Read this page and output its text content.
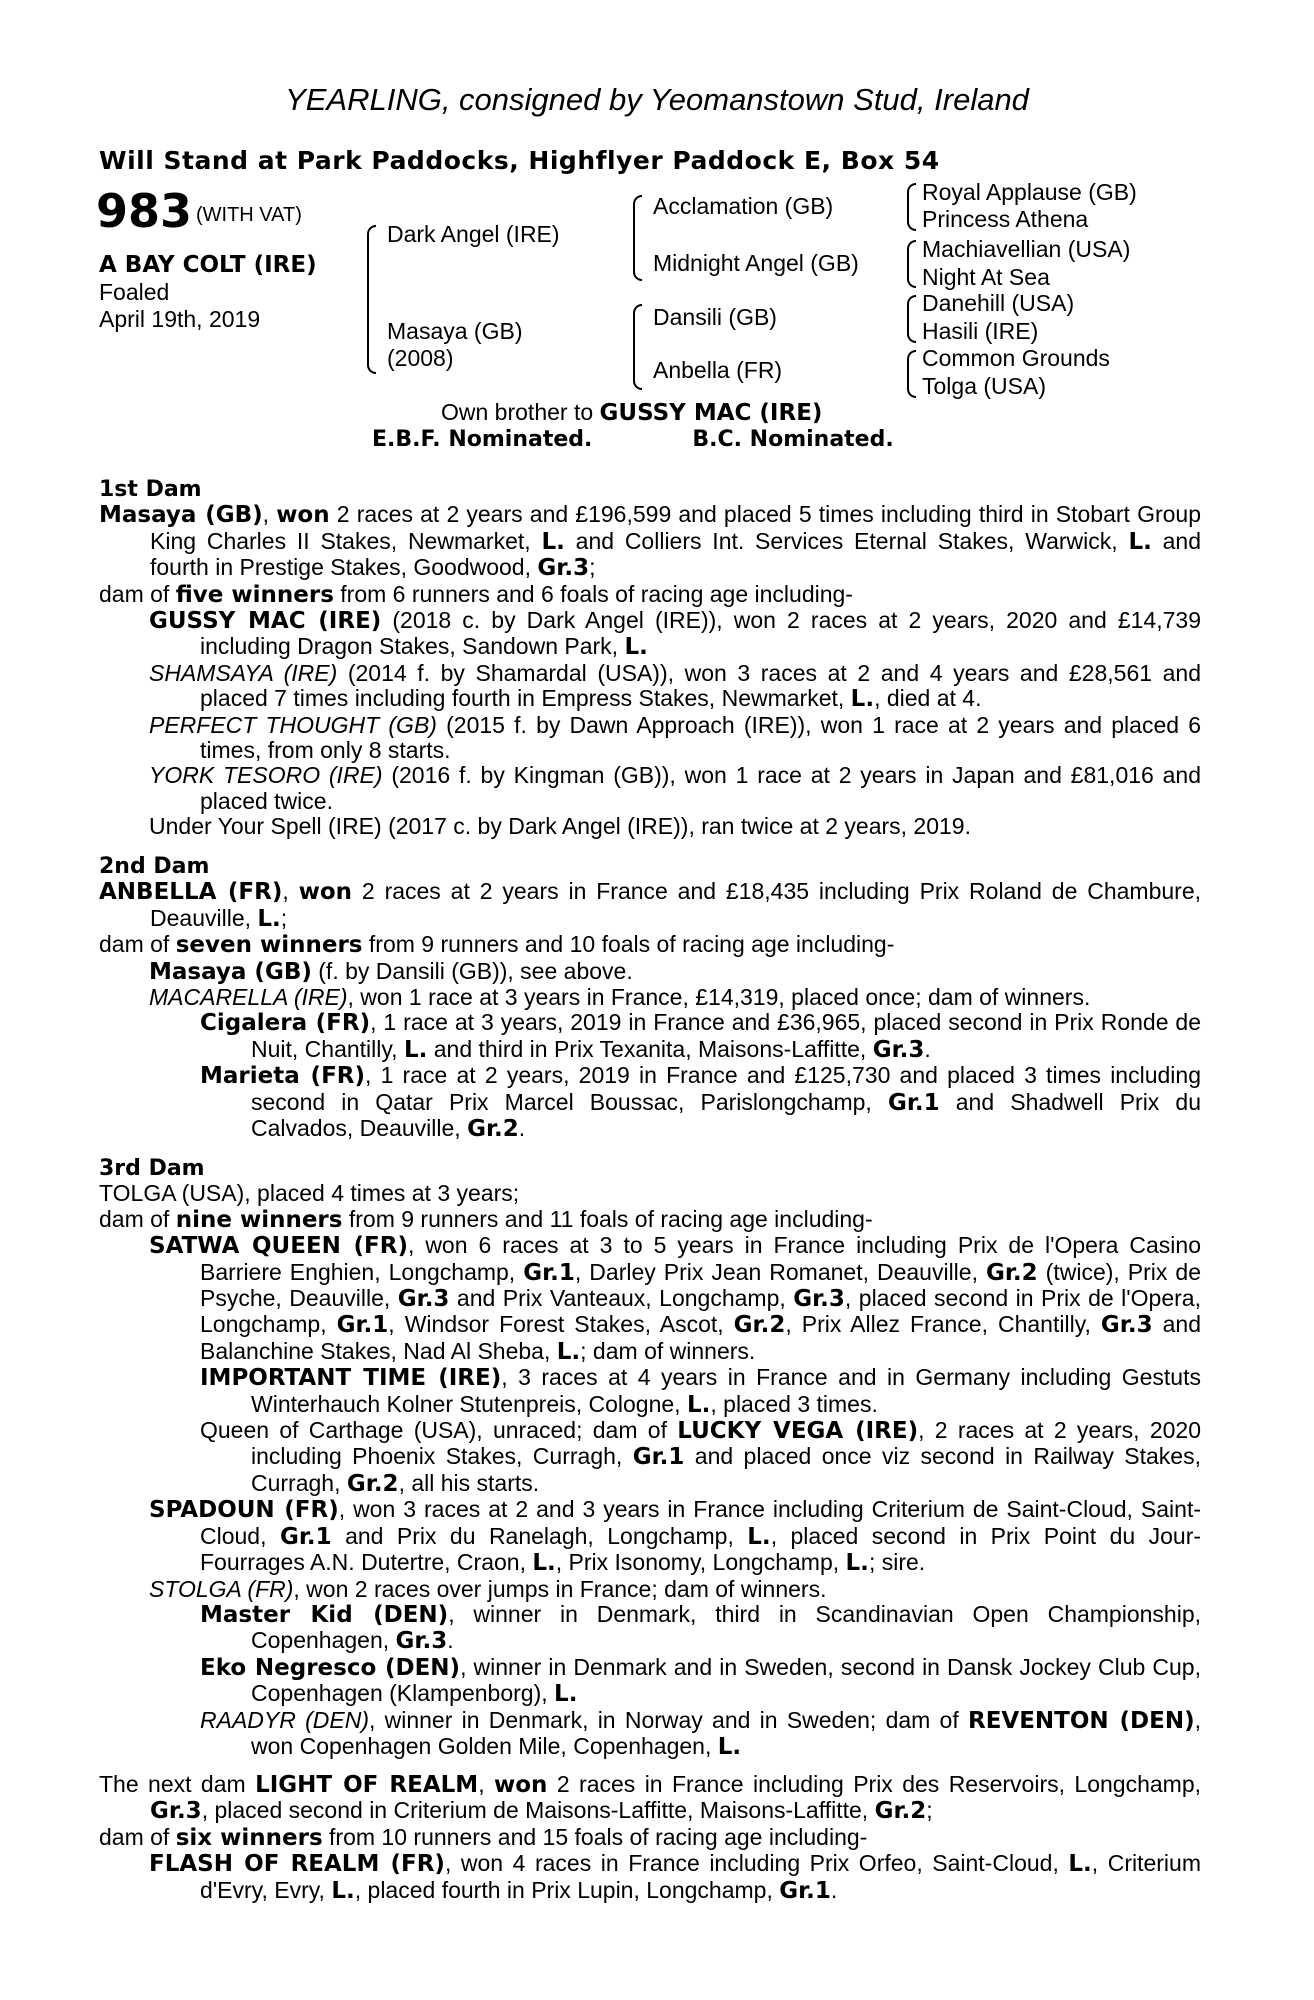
YEARLING, consigned by Yeomanstown Stud, Ireland
Will Stand at Park Paddocks, Highflyer Paddock E, Box 54
983 (WITH VAT)
A BAY COLT (IRE)
Foaled
April 19th, 2019
Dark Angel (IRE)
Masaya (GB)
(2008)
Acclamation (GB)
Midnight Angel (GB)
Dansili (GB)
Anbella (FR)
Royal Applause (GB)
Princess Athena
Machiavellian (USA)
Night At Sea
Danehill (USA)
Hasili (IRE)
Common Grounds
Tolga (USA)
Own brother to GUSSY MAC (IRE)
E.B.F. Nominated.	B.C. Nominated.
1st Dam
Masaya (GB), won 2 races at 2 years and £196,599 and placed 5 times including third in Stobart Group King Charles II Stakes, Newmarket, L. and Colliers Int. Services Eternal Stakes, Warwick, L. and fourth in Prestige Stakes, Goodwood, Gr.3;
dam of five winners from 6 runners and 6 foals of racing age including-
GUSSY MAC (IRE) (2018 c. by Dark Angel (IRE)), won 2 races at 2 years, 2020 and £14,739 including Dragon Stakes, Sandown Park, L.
SHAMSAYA (IRE) (2014 f. by Shamardal (USA)), won 3 races at 2 and 4 years and £28,561 and placed 7 times including fourth in Empress Stakes, Newmarket, L., died at 4.
PERFECT THOUGHT (GB) (2015 f. by Dawn Approach (IRE)), won 1 race at 2 years and placed 6 times, from only 8 starts.
YORK TESORO (IRE) (2016 f. by Kingman (GB)), won 1 race at 2 years in Japan and £81,016 and placed twice.
Under Your Spell (IRE) (2017 c. by Dark Angel (IRE)), ran twice at 2 years, 2019.
2nd Dam
ANBELLA (FR), won 2 races at 2 years in France and £18,435 including Prix Roland de Chambure, Deauville, L.;
dam of seven winners from 9 runners and 10 foals of racing age including-
Masaya (GB) (f. by Dansili (GB)), see above.
MACARELLA (IRE), won 1 race at 3 years in France, £14,319, placed once; dam of winners.
Cigalera (FR), 1 race at 3 years, 2019 in France and £36,965, placed second in Prix Ronde de Nuit, Chantilly, L. and third in Prix Texanita, Maisons-Laffitte, Gr.3.
Marieta (FR), 1 race at 2 years, 2019 in France and £125,730 and placed 3 times including second in Qatar Prix Marcel Boussac, Parislongchamp, Gr.1 and Shadwell Prix du Calvados, Deauville, Gr.2.
3rd Dam
TOLGA (USA), placed 4 times at 3 years;
dam of nine winners from 9 runners and 11 foals of racing age including-
SATWA QUEEN (FR), won 6 races at 3 to 5 years in France including Prix de l'Opera Casino Barriere Enghien, Longchamp, Gr.1, Darley Prix Jean Romanet, Deauville, Gr.2 (twice), Prix de Psyche, Deauville, Gr.3 and Prix Vanteaux, Longchamp, Gr.3, placed second in Prix de l'Opera, Longchamp, Gr.1, Windsor Forest Stakes, Ascot, Gr.2, Prix Allez France, Chantilly, Gr.3 and Balanchine Stakes, Nad Al Sheba, L.; dam of winners.
IMPORTANT TIME (IRE), 3 races at 4 years in France and in Germany including Gestuts Winterhauch Kolner Stutenpreis, Cologne, L., placed 3 times.
Queen of Carthage (USA), unraced; dam of LUCKY VEGA (IRE), 2 races at 2 years, 2020 including Phoenix Stakes, Curragh, Gr.1 and placed once viz second in Railway Stakes, Curragh, Gr.2, all his starts.
SPADOUN (FR), won 3 races at 2 and 3 years in France including Criterium de Saint-Cloud, Saint-Cloud, Gr.1 and Prix du Ranelagh, Longchamp, L., placed second in Prix Point du Jour-Fourrages A.N. Dutertre, Craon, L., Prix Isonomy, Longchamp, L.; sire.
STOLGA (FR), won 2 races over jumps in France; dam of winners.
Master Kid (DEN), winner in Denmark, third in Scandinavian Open Championship, Copenhagen, Gr.3.
Eko Negresco (DEN), winner in Denmark and in Sweden, second in Dansk Jockey Club Cup, Copenhagen (Klampenborg), L.
RAADYR (DEN), winner in Denmark, in Norway and in Sweden; dam of REVENTON (DEN), won Copenhagen Golden Mile, Copenhagen, L.
The next dam LIGHT OF REALM, won 2 races in France including Prix des Reservoirs, Longchamp, Gr.3, placed second in Criterium de Maisons-Laffitte, Maisons-Laffitte, Gr.2;
dam of six winners from 10 runners and 15 foals of racing age including-
FLASH OF REALM (FR), won 4 races in France including Prix Orfeo, Saint-Cloud, L., Criterium d'Evry, Evry, L., placed fourth in Prix Lupin, Longchamp, Gr.1.
